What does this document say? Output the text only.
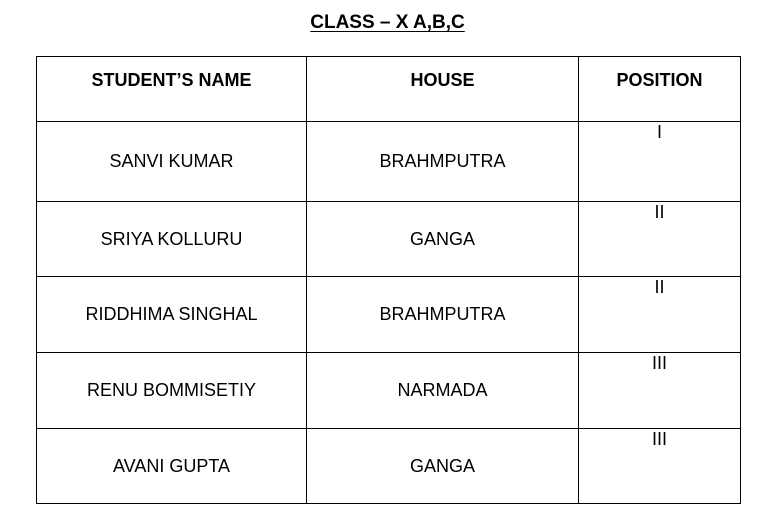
CLASS – X A,B,C
STUDENT’S NAME	HOUSE	POSITION
SANVI KUMAR	BRAHMPUTRA	I
SRIYA KOLLURU	GANGA	II
RIDDHIMA SINGHAL	BRAHMPUTRA	II
RENU BOMMISETIY	NARMADA	III
AVANI GUPTA	GANGA	III
